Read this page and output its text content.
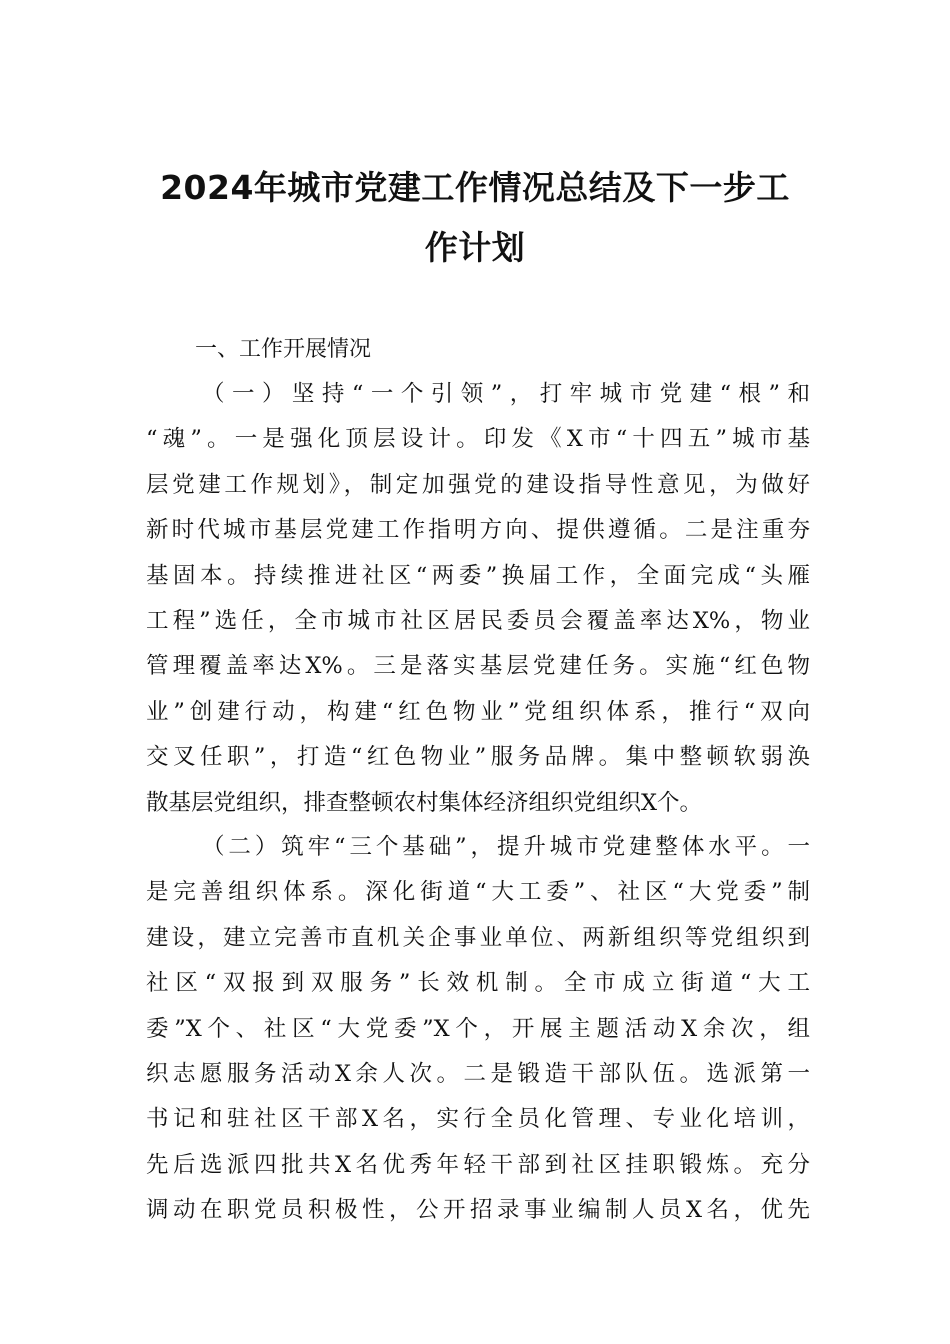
2024年城市党建工作情况总结及下一步工
作计划
一、工作开展情况
（一）坚持“一个引领”，打牢城市党建“根”和
“魂”。一是强化顶层设计。印发《X市“十四五”城市基
层党建工作规划》，制定加强党的建设指导性意见，为做好
新时代城市基层党建工作指明方向、提供遵循。二是注重夯
基固本。持续推进社区“两委”换届工作，全面完成“头雁
工程”选任，全市城市社区居民委员会覆盖率达X%，物业
管理覆盖率达X%。三是落实基层党建任务。实施“红色物
业”创建行动，构建“红色物业”党组织体系，推行“双向
交叉任职”，打造“红色物业”服务品牌。集中整顿软弱涣
散基层党组织，排查整顿农村集体经济组织党组织X个。
（二）筑牢“三个基础”，提升城市党建整体水平。一
是完善组织体系。深化街道“大工委”、社区“大党委”制
建设，建立完善市直机关企事业单位、两新组织等党组织到
社区“双报到双服务”长效机制。全市成立街道“大工
委”X个、社区“大党委”X个，开展主题活动X余次，组
织志愿服务活动X余人次。二是锻造干部队伍。选派第一
书记和驻社区干部X名，实行全员化管理、专业化培训，
先后选派四批共X名优秀年轻干部到社区挂职锻炼。充分
调动在职党员积极性，公开招录事业编制人员X名，优先
